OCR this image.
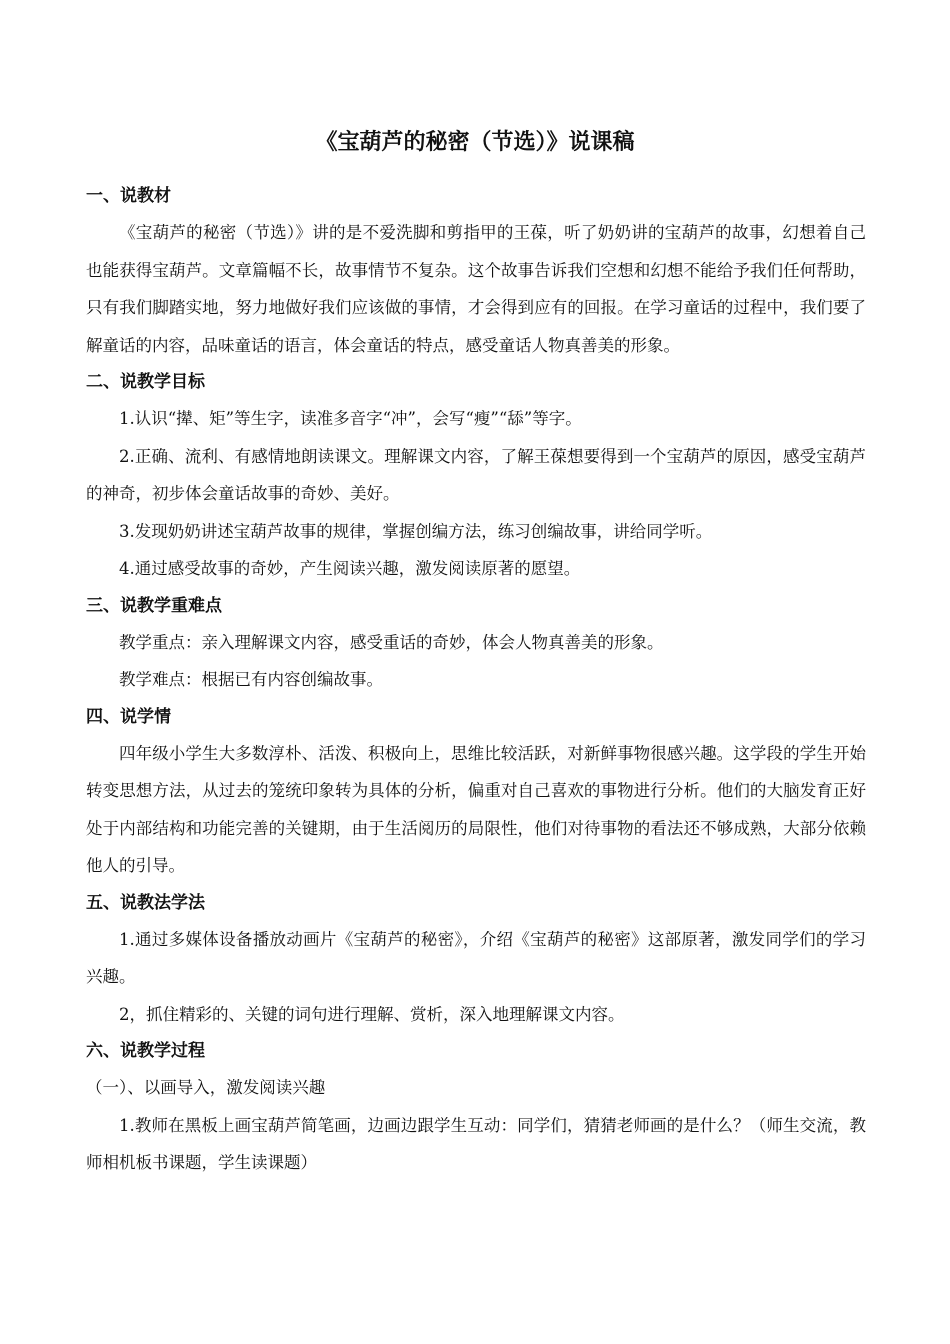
《宝葫芦的秘密（节选）》说课稿
一、说教材
《宝葫芦的秘密（节选）》讲的是不爱洗脚和剪指甲的王葆，听了奶奶讲的宝葫芦的故事，幻想着自己也能获得宝葫芦。文章篇幅不长，故事情节不复杂。这个故事告诉我们空想和幻想不能给予我们任何帮助，只有我们脚踏实地，努力地做好我们应该做的事情，才会得到应有的回报。在学习童话的过程中，我们要了解童话的内容，品味童话的语言，体会童话的特点，感受童话人物真善美的形象。
二、说教学目标
1.认识“撵、矩”等生字，读准多音字“冲”，会写“瘦”“舔”等字。
2.正确、流利、有感情地朗读课文。理解课文内容，了解王葆想要得到一个宝葫芦的原因，感受宝葫芦的神奇，初步体会童话故事的奇妙、美好。
3.发现奶奶讲述宝葫芦故事的规律，掌握创编方法，练习创编故事，讲给同学听。
4.通过感受故事的奇妙，产生阅读兴趣，激发阅读原著的愿望。
三、说教学重难点
教学重点：亲入理解课文内容，感受重话的奇妙，体会人物真善美的形象。
教学难点：根据已有内容创编故事。
四、说学情
四年级小学生大多数淳朴、活泼、积极向上，思维比较活跃，对新鲜事物很感兴趣。这学段的学生开始转变思想方法，从过去的笼统印象转为具体的分析，偏重对自己喜欢的事物进行分析。他们的大脑发育正好处于内部结构和功能完善的关键期，由于生活阅历的局限性，他们对待事物的看法还不够成熟，大部分依赖他人的引导。
五、说教法学法
1.通过多媒体设备播放动画片《宝葫芦的秘密》，介绍《宝葫芦的秘密》这部原著，激发同学们的学习兴趣。
2，抓住精彩的、关键的词句进行理解、赏析，深入地理解课文内容。
六、说教学过程
（一）、以画导入，激发阅读兴趣
1.教师在黑板上画宝葫芦简笔画，边画边跟学生互动：同学们，猜猜老师画的是什么？（师生交流，教师相机板书课题，学生读课题）
